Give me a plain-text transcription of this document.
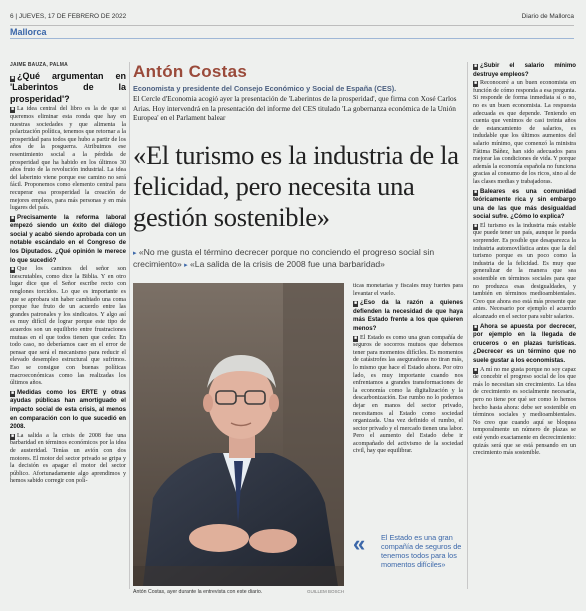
6 | JUEVES, 17 DE FEBRERO DE 2022	Diario de Mallorca
Mallorca

JAIME BAUZÀ, PALMA

■ ¿Qué argumentan en 'Laberintos de la prosperidad'?

■ La idea central del libro es la de que si queremos eliminar esta ronda que hay en nuestras sociedades y que alimenta la polarización política, tenemos que retornar a la prosperidad para todos que hubo a partir de los años de la posguerra. Atribuimos ese resentimiento social a la pérdida de prosperidad que ha habido en los últimos 30 años fruto de la revolución industrial. La idea del laberinto viene porque ese camino no será fácil. Proponemos como elemento central para recuperar esa prosperidad la creación de mejores empleos, para más personas y en más lugares del país.

■ Precisamente la reforma laboral empezó siendo un éxito del diálogo social y acabó siendo aprobada con un notable escándalo en el Congreso de los Diputados. ¿Qué opinión le merece lo que sucedió?

■ Que los caminos del señor son inescrutables, como dice la Biblia. Y en otro lugar dice que el Señor escribe recto con renglones torcidos. Lo que es importante es que se aprobara sin haber cambiado una coma porque fue fruto de un acuerdo entre las grandes patronales y los sindicatos. Y algo así es muy difícil de lograr porque este tipo de acuerdos son un equilibrio entre frustraciones mutuas en el que todos tienen que ceder. En todo caso, no deberíamos caer en el error de pensar que será el mecanismo para reducir el elevado desempleo estructural que sufrimos. Eso se consigue con buenas políticas macroeconómicas como las realizadas los últimos años.

■ Medidas como los ERTE y otras ayudas públicas han amortiguado el impacto social de esta crisis, al menos en comparación con lo que sucedió en 2008.

■ La salida a la crisis de 2008 fue una barbaridad en términos económicos por la idea de austeridad. Tenías un avión con dos motores. El motor del sector privado se gripa y la decisión es apagar el motor del sector público. Afortunadamente algo aprendimos y hemos sabido corregir con polí-

Antón Costas
Economista y presidente del Consejo Económico y Social de España (CES).
El Cercle d'Economia acogió ayer la presentación de 'Laberintos de la prosperidad', que firma con Xosé Carlos Arias. Hoy intervendrá en la presentación del informe del CES titulado 'La gobernanza económica de la Unión Europea' en el Parlament balear
«El turismo es la industria de la felicidad, pero necesita una gestión sostenible»
▸ «No me gusta el término decrecer porque no conciendo el progreso social sin crecimiento» ▸ «La salida de la crisis de 2008 fue una barbaridad»
Antón Costas, ayer durante la entrevista con este diario.	GUILLEM BOSCH

ticas monetarias y fiscales muy fuertes para levantar el vuelo.

■ ¿Eso da la razón a quienes defienden la necesidad de que haya más Estado frente a los que quieren menos?

■ El Estado es como una gran compañía de seguros de socorros mutuos que debemos tener para momentos difíciles. Es momentos de catástrofes las aseguradoras no tiran más, lo mismo que hace el Estado ahora. Por otro lado, es muy importante cuando nos enfrentamos a grandes transformaciones de la economía como la digitalización y la descarbonización. Ese rumbo no lo podemos dejar en manos del sector privado, necesitamos al Estado como sociedad organizada. Una vez definido el rumbo, el sector privado y el mercado tienen una labor. Pero el aumento del Estado debe ir acompañado del activismo de la sociedad civil, hay que equilibrar.

« El Estado es una gran compañía de seguros de tenemos todos para los momentos difíciles»

■ ¿Subir el salario mínimo destruye empleos?

■ Reconoceré a un buen economista en función de cómo responda a esa pregunta. Si responde de forma inmediata sí o no, no es un buen economista. La respuesta adecuada es que depende. Teniendo en cuenta que venimos de casi treinta años de estancamiento de salarios, es indudable que los últimos aumentos del salario mínimo, que comenzó la ministra Fátima Báñez, han sido adecuados para mejorar las condiciones de vida. Y porque además la economía española no funciona gracias al consumo de los ricos, sino al de las clases medias y trabajadoras.

■ Baleares es una comunidad teóricamente rica y sin embargo una de las que más desigualdad social sufre. ¿Cómo lo explica?

■ El turismo es la industria más estable que puede tener un país, aunque le pueda sorprender. Es posible que desaparezca la industria automovilística antes que la del turismo porque es un poco como la industria de la felicidad. Es muy que generalizar de la manera que sea sostenible en términos sociales para que no produzca esas desigualdades, y también en términos medioambientales. Creo que ahora eso está más presente que antes. Necesario por ejemplo el acuerdo alcanzado en el sector para subir salarios.

■ Ahora se apuesta por decrecer, por ejemplo en la llegada de cruceros o en plazas turísticas. ¿Decrecer es un término que no suele gustar a los economistas.

■ A mí no me gusta porque no soy capaz de concebir el progreso social de los que más lo necesitan sin crecimiento. La idea de crecimiento es socialmente necesaria, pero no tiene por qué ser como lo hemos hecho hasta ahora: debe ser sostenible en términos sociales y medioambientales. No creo que cuando aquí se bloquea temporalmente un número de plazas se esté yendo exactamente en decrecimiento: quizás será que se está pensando en un crecimiento más sostenible.
